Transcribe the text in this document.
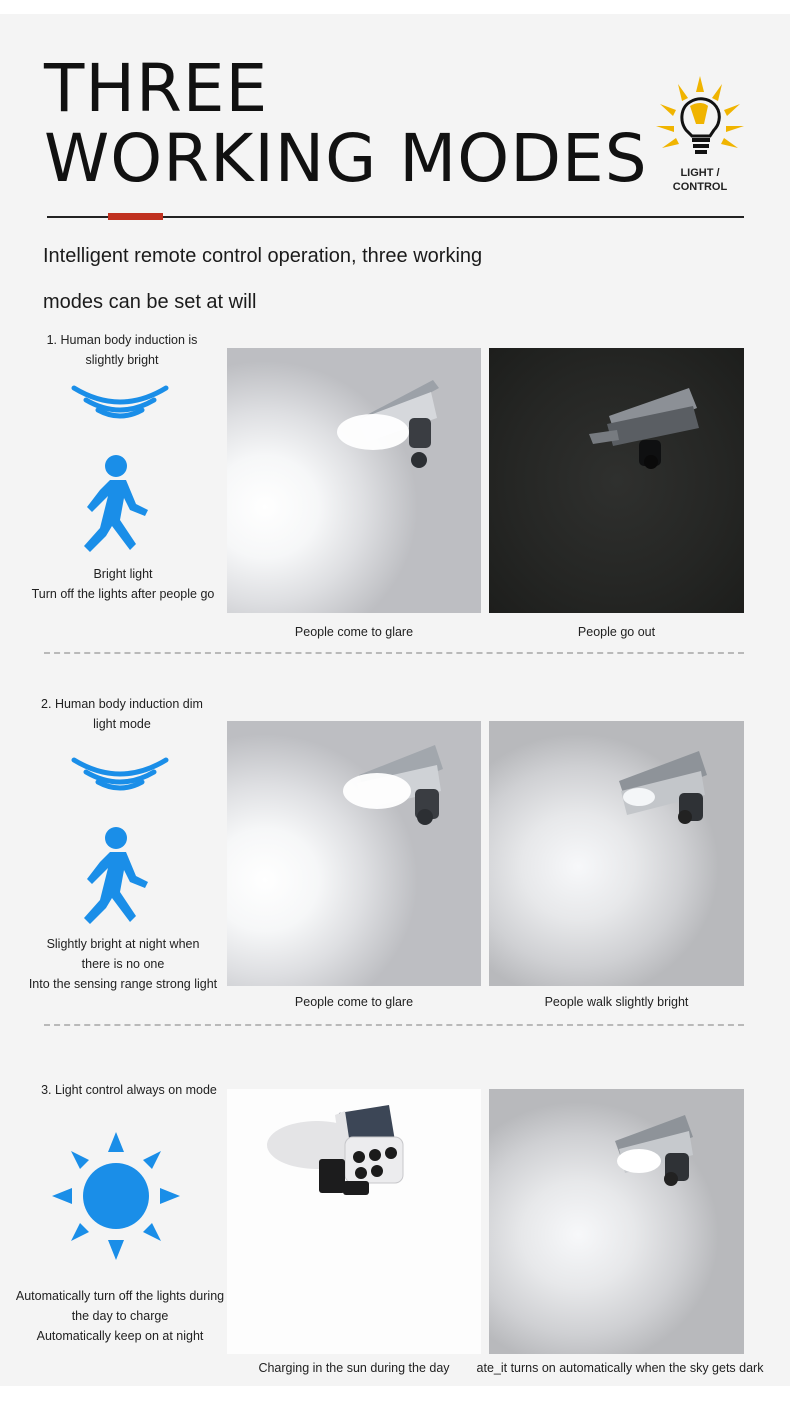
THREE
WORKING MODES	LIGHT /
CONTROL
Intelligent remote control operation, three working
modes can be set at will
1. Human body induction is
slightly bright
Bright light
Turn off the lights after people go
People come to glare	People go out
2. Human body induction dim
light mode
Slightly bright at night when
there is no one
Into the sensing range strong light
People come to glare	People walk slightly bright
3. Light control always on mode
Automatically turn off the lights during
the day to charge
Automatically keep on at night
Charging in the sun during the day	ate_it turns on automatically when the sky gets dark
